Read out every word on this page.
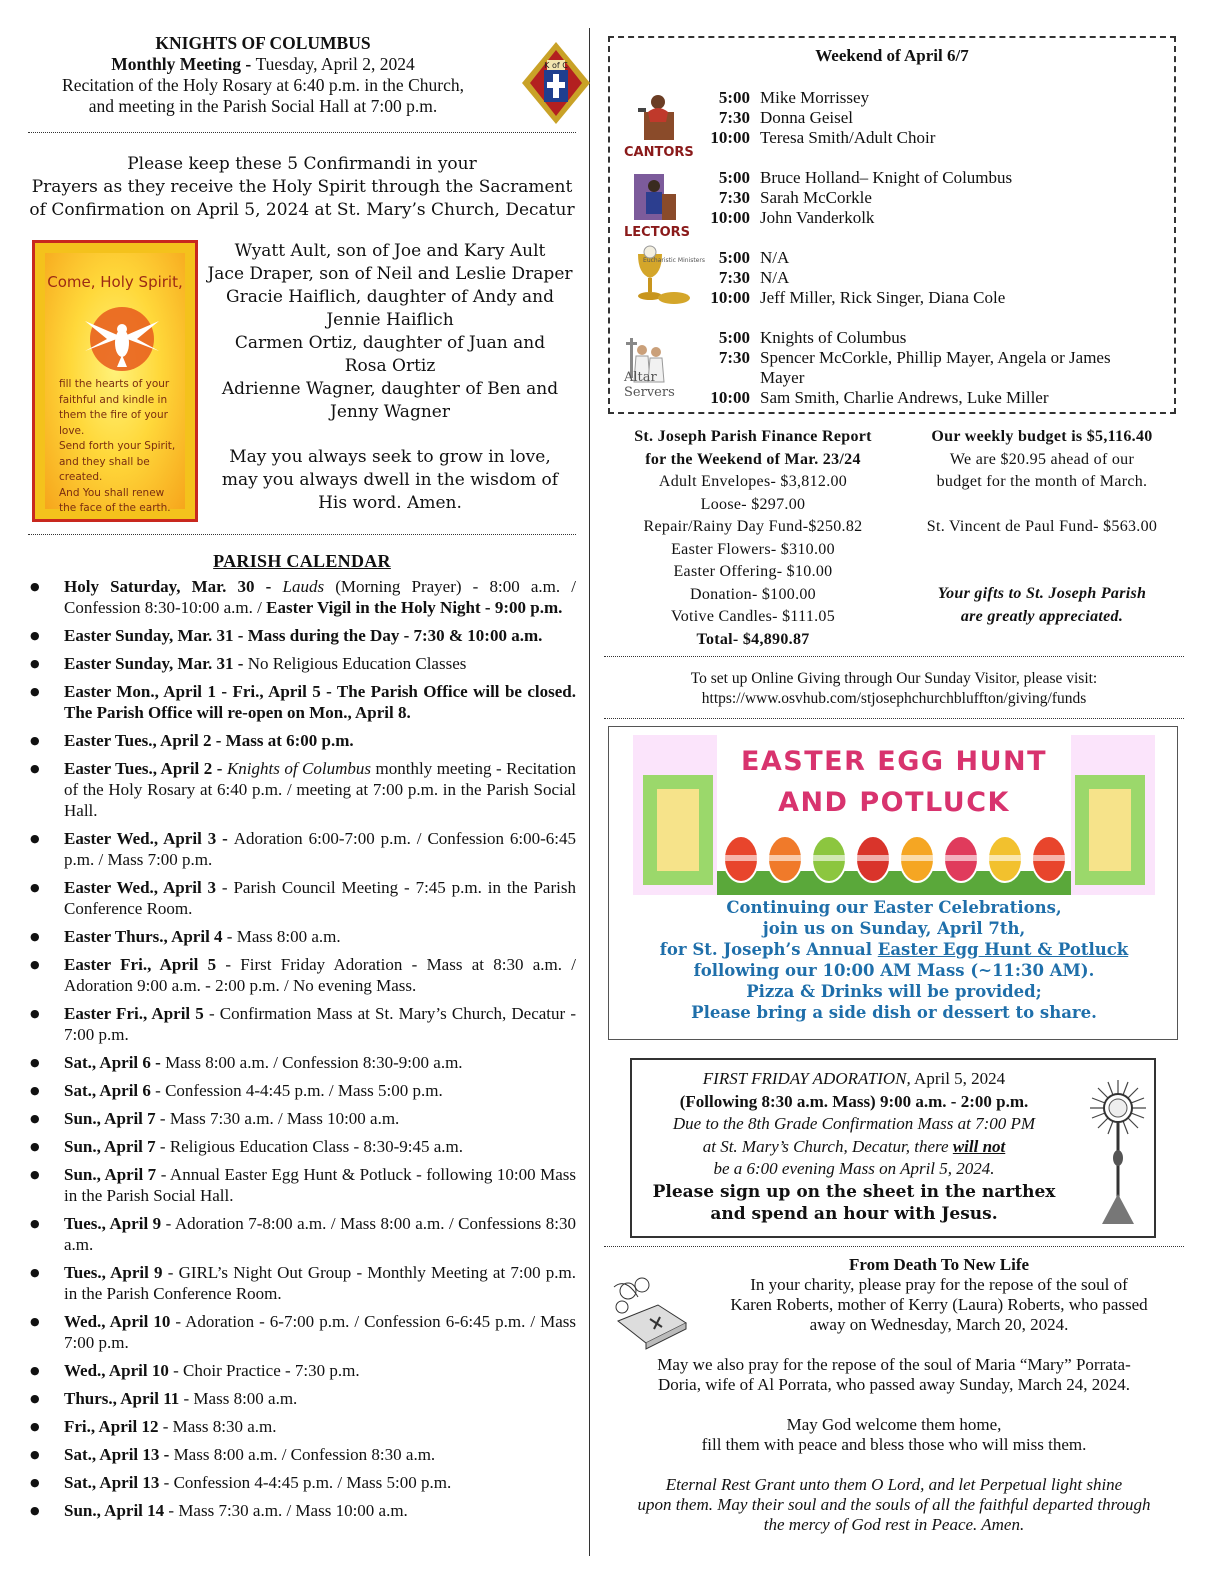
KNIGHTS OF COLUMBUS
Monthly Meeting - Tuesday, April 2, 2024
Recitation of the Holy Rosary at 6:40 p.m. in the Church,
and meeting in the Parish Social Hall at 7:00 p.m.
K of C
Please keep these 5 Confirmandi in your
Prayers as they receive the Holy Spirit through the Sacrament
of Confirmation on April 5, 2024 at St. Mary’s Church, Decatur
Come, Holy Spirit,
fill the hearts of your
faithful and kindle in
them the fire of your love.
Send forth your Spirit,
and they shall be created.
And You shall renew
the face of the earth.
Wyatt Ault, son of Joe and Kary Ault
Jace Draper, son of Neil and Leslie Draper
Gracie Haiflich, daughter of Andy and
Jennie Haiflich
Carmen Ortiz, daughter of Juan and
Rosa Ortiz
Adrienne Wagner, daughter of Ben and
Jenny Wagner
May you always seek to grow in love,
may you always dwell in the wisdom of
His word. Amen.
PARISH CALENDAR
● Holy Saturday, Mar. 30 - Lauds (Morning Prayer) - 8:00 a.m. / Confession 8:30-10:00 a.m. / Easter Vigil in the Holy Night - 9:00 p.m.
● Easter Sunday, Mar. 31 - Mass during the Day - 7:30 & 10:00 a.m.
● Easter Sunday, Mar. 31 - No Religious Education Classes
● Easter Mon., April 1 - Fri., April 5 - The Parish Office will be closed. The Parish Office will re-open on Mon., April 8.
● Easter Tues., April 2 - Mass at 6:00 p.m.
● Easter Tues., April 2 - Knights of Columbus monthly meeting - Recitation of the Holy Rosary at 6:40 p.m. / meeting at 7:00 p.m. in the Parish Social Hall.
● Easter Wed., April 3 - Adoration 6:00-7:00 p.m. / Confession 6:00-6:45 p.m. / Mass 7:00 p.m.
● Easter Wed., April 3 - Parish Council Meeting - 7:45 p.m. in the Parish Conference Room.
● Easter Thurs., April 4 - Mass 8:00 a.m.
● Easter Fri., April 5 - First Friday Adoration - Mass at 8:30 a.m. / Adoration 9:00 a.m. - 2:00 p.m. / No evening Mass.
● Easter Fri., April 5 - Confirmation Mass at St. Mary’s Church, Decatur - 7:00 p.m.
● Sat., April 6 - Mass 8:00 a.m. / Confession 8:30-9:00 a.m.
● Sat., April 6 - Confession 4-4:45 p.m. / Mass 5:00 p.m.
● Sun., April 7 - Mass 7:30 a.m. / Mass 10:00 a.m.
● Sun., April 7 - Religious Education Class - 8:30-9:45 a.m.
● Sun., April 7 - Annual Easter Egg Hunt & Potluck - following 10:00 Mass in the Parish Social Hall.
● Tues., April 9 - Adoration 7-8:00 a.m. / Mass 8:00 a.m. / Confessions 8:30 a.m.
● Tues., April 9 - GIRL’s Night Out Group - Monthly Meeting at 7:00 p.m. in the Parish Conference Room.
● Wed., April 10 - Adoration - 6-7:00 p.m. / Confession 6-6:45 p.m. / Mass 7:00 p.m.
● Wed., April 10 - Choir Practice - 7:30 p.m.
● Thurs., April 11 - Mass 8:00 a.m.
● Fri., April 12 - Mass 8:30 a.m.
● Sat., April 13 - Mass 8:00 a.m. / Confession 8:30 a.m.
● Sat., April 13 - Confession 4-4:45 p.m. / Mass 5:00 p.m.
● Sun., April 14 - Mass 7:30 a.m. / Mass 10:00 a.m.
Weekend of April 6/7
CANTORS
5:00 Mike Morrissey
7:30 Donna Geisel
10:00 Teresa Smith/Adult Choir
LECTORS
5:00 Bruce Holland– Knight of Columbus
7:30 Sarah McCorkle
10:00 John Vanderkolk
Eucharistic Ministers 5:00 N/A
7:30 N/A
10:00 Jeff Miller, Rick Singer, Diana Cole
Altar Servers
5:00 Knights of Columbus
7:30 Spencer McCorkle, Phillip Mayer, Angela or James
Mayer
10:00 Sam Smith, Charlie Andrews, Luke Miller
St. Joseph Parish Finance Report
for the Weekend of Mar. 23/24
Adult Envelopes- $3,812.00
Loose- $297.00
Repair/Rainy Day Fund-$250.82
Easter Flowers- $310.00
Easter Offering- $10.00
Donation- $100.00
Votive Candles- $111.05
Total- $4,890.87
Our weekly budget is $5,116.40
We are $20.95 ahead of our
budget for the month of March.
St. Vincent de Paul Fund- $563.00
Your gifts to St. Joseph Parish
are greatly appreciated.
To set up Online Giving through Our Sunday Visitor, please visit:
https://www.osvhub.com/stjosephchurchbluffton/giving/funds
EASTER EGG HUNT
AND POTLUCK
Continuing our Easter Celebrations,
join us on Sunday, April 7th,
for St. Joseph’s Annual Easter Egg Hunt & Potluck
following our 10:00 AM Mass (~11:30 AM).
Pizza & Drinks will be provided;
Please bring a side dish or dessert to share.
FIRST FRIDAY ADORATION, April 5, 2024
(Following 8:30 a.m. Mass) 9:00 a.m. - 2:00 p.m.
Due to the 8th Grade Confirmation Mass at 7:00 PM
at St. Mary’s Church, Decatur, there will not
be a 6:00 evening Mass on April 5, 2024.
Please sign up on the sheet in the narthex
and spend an hour with Jesus.
From Death To New Life
In your charity, please pray for the repose of the soul of
Karen Roberts, mother of Kerry (Laura) Roberts, who passed
away on Wednesday, March 20, 2024.
May we also pray for the repose of the soul of Maria “Mary” Porrata-
Doria, wife of Al Porrata, who passed away Sunday, March 24, 2024.
May God welcome them home,
fill them with peace and bless those who will miss them.
Eternal Rest Grant unto them O Lord, and let Perpetual light shine
upon them. May their soul and the souls of all the faithful departed through
the mercy of God rest in Peace. Amen.
